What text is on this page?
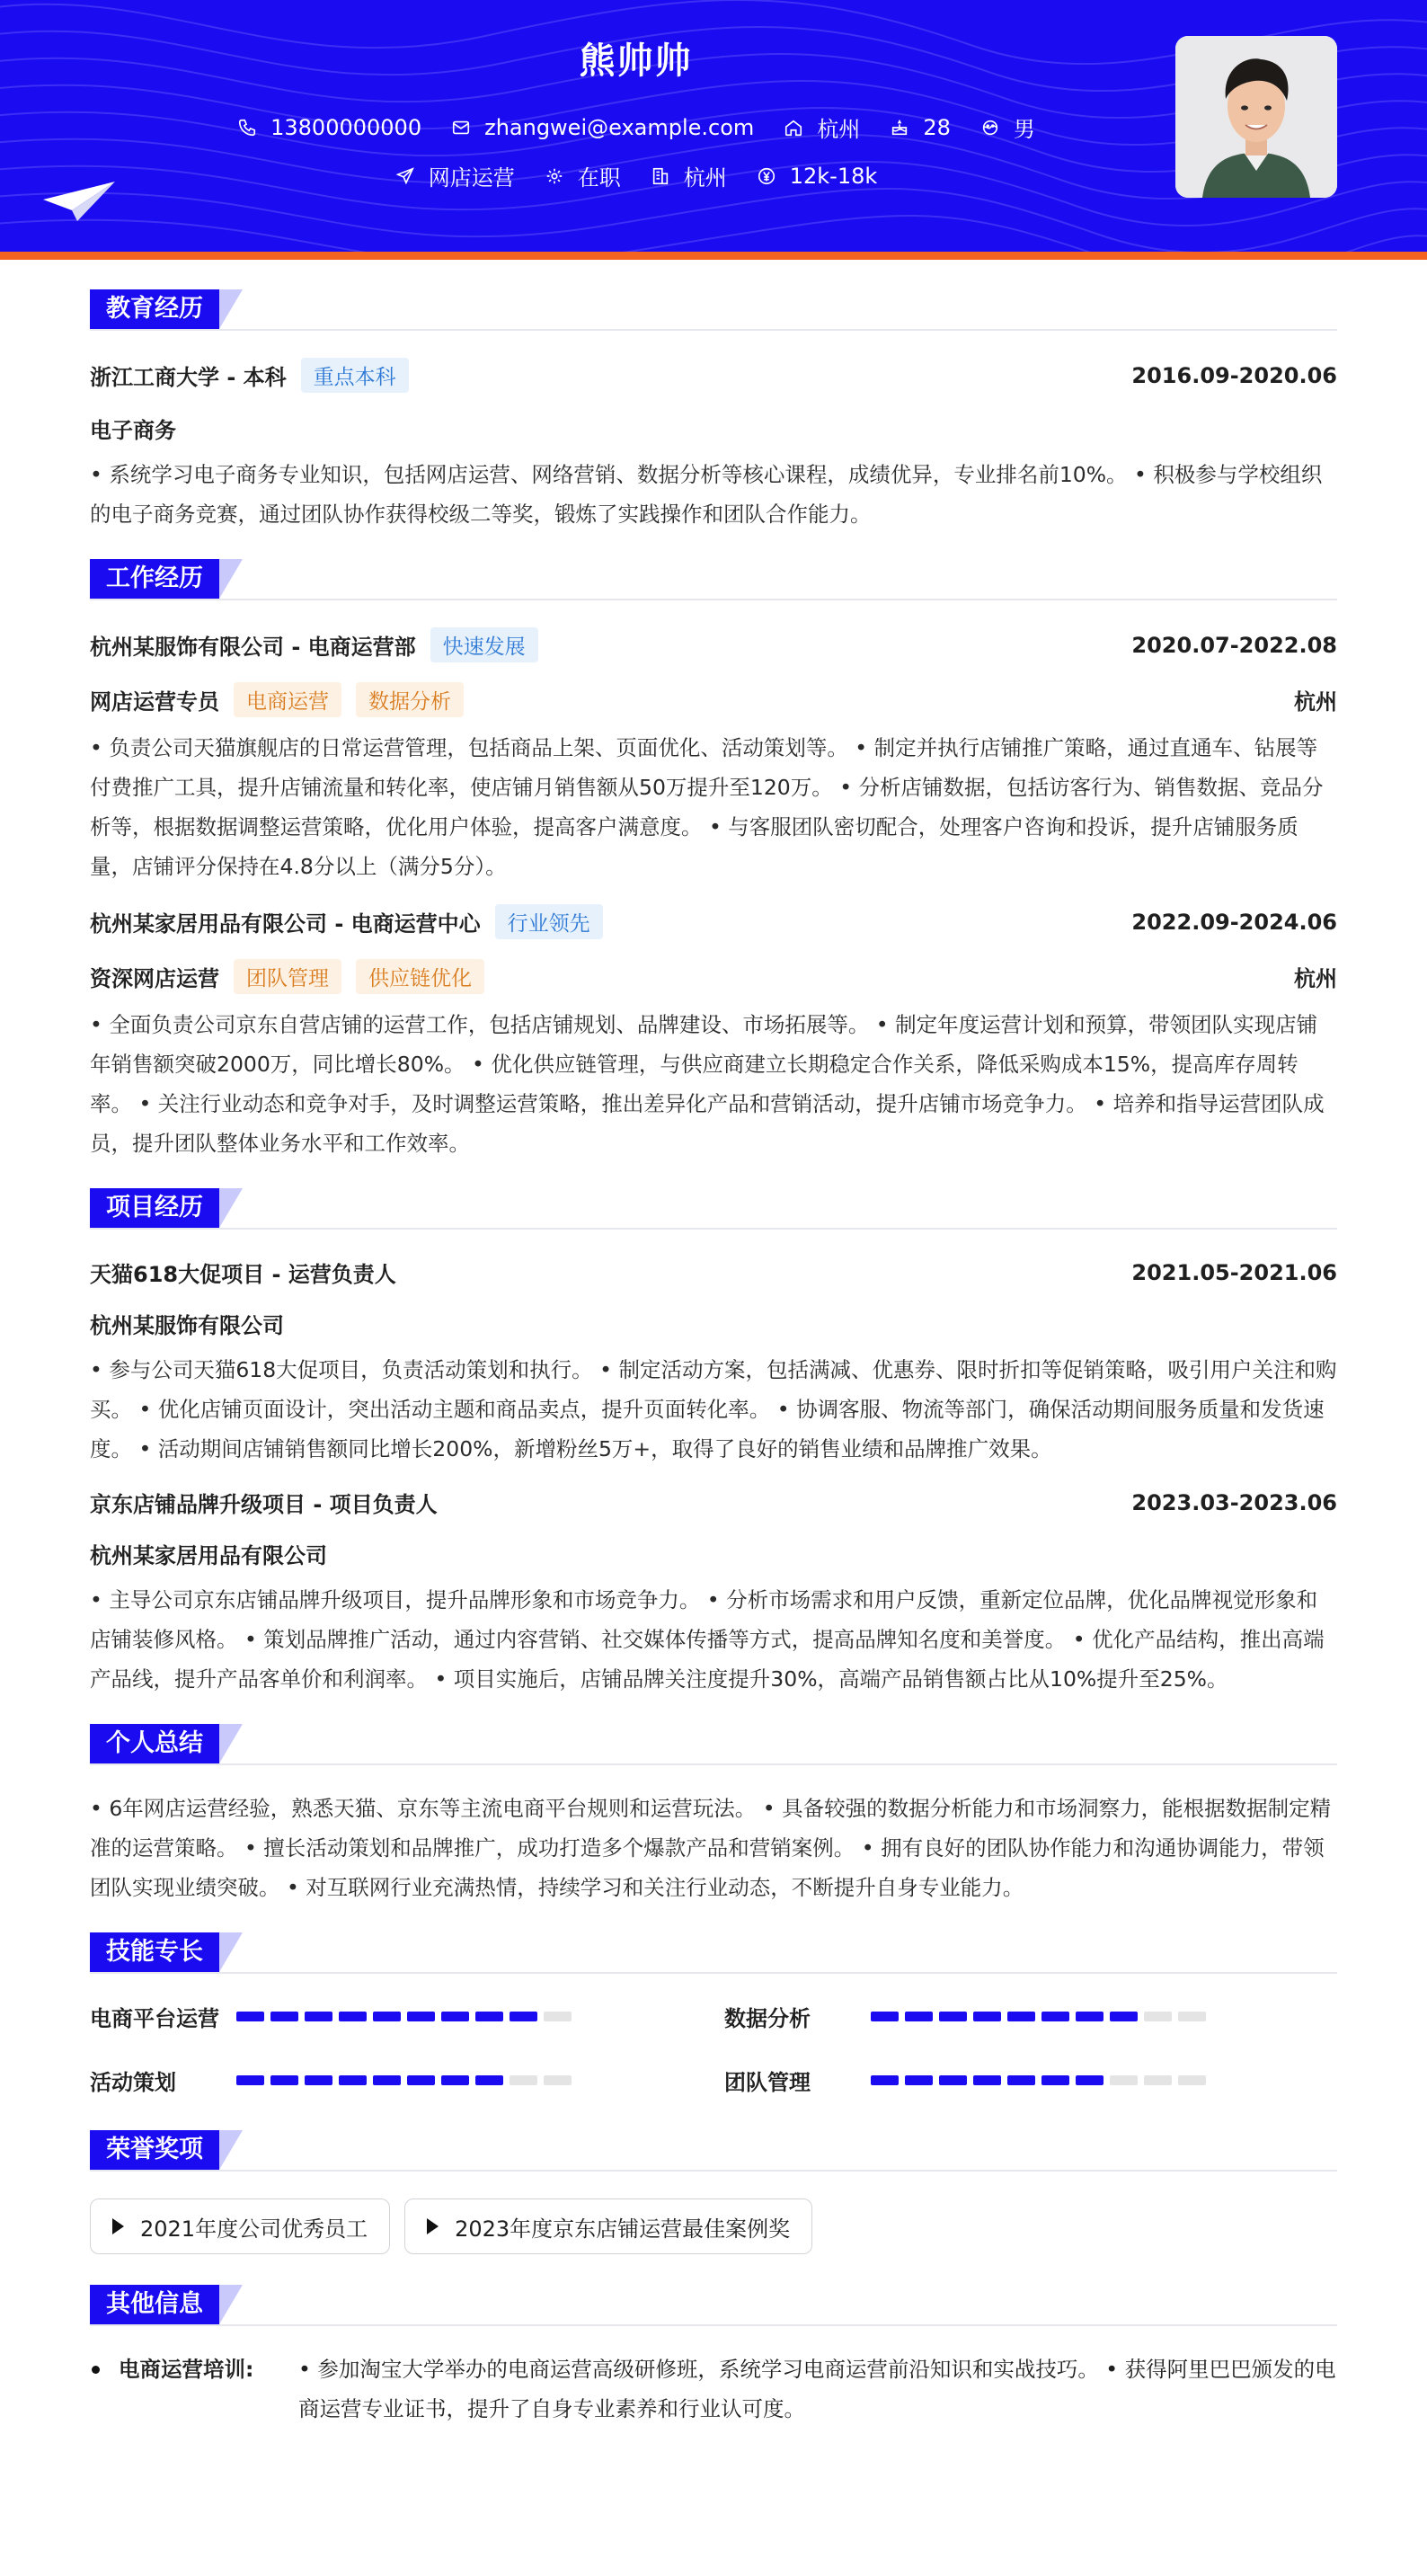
熊帅帅
13800000000	zhangwei@example.com	杭州	28	男
网店运营	在职	杭州	12k-18k
教育经历
浙江工商大学 - 本科	重点本科	2016.09-2020.06
电子商务
• 系统学习电子商务专业知识，包括网店运营、网络营销、数据分析等核心课程，成绩优异，专业排名前10%。 • 积极参与学校组织的电子商务竞赛，通过团队协作获得校级二等奖，锻炼了实践操作和团队合作能力。
工作经历
杭州某服饰有限公司 - 电商运营部	快速发展	2020.07-2022.08
网店运营专员	电商运营	数据分析	杭州
• 负责公司天猫旗舰店的日常运营管理，包括商品上架、页面优化、活动策划等。 • 制定并执行店铺推广策略，通过直通车、钻展等付费推广工具，提升店铺流量和转化率，使店铺月销售额从50万提升至120万。 • 分析店铺数据，包括访客行为、销售数据、竞品分析等，根据数据调整运营策略，优化用户体验，提高客户满意度。 • 与客服团队密切配合，处理客户咨询和投诉，提升店铺服务质量，店铺评分保持在4.8分以上（满分5分）。
杭州某家居用品有限公司 - 电商运营中心	行业领先	2022.09-2024.06
资深网店运营	团队管理	供应链优化	杭州
• 全面负责公司京东自营店铺的运营工作，包括店铺规划、品牌建设、市场拓展等。 • 制定年度运营计划和预算，带领团队实现店铺年销售额突破2000万，同比增长80%。 • 优化供应链管理，与供应商建立长期稳定合作关系，降低采购成本15%，提高库存周转率。 • 关注行业动态和竞争对手，及时调整运营策略，推出差异化产品和营销活动，提升店铺市场竞争力。 • 培养和指导运营团队成员，提升团队整体业务水平和工作效率。
项目经历
天猫618大促项目 - 运营负责人	2021.05-2021.06
杭州某服饰有限公司
• 参与公司天猫618大促项目，负责活动策划和执行。 • 制定活动方案，包括满减、优惠券、限时折扣等促销策略，吸引用户关注和购买。 • 优化店铺页面设计，突出活动主题和商品卖点，提升页面转化率。 • 协调客服、物流等部门，确保活动期间服务质量和发货速度。 • 活动期间店铺销售额同比增长200%，新增粉丝5万+，取得了良好的销售业绩和品牌推广效果。
京东店铺品牌升级项目 - 项目负责人	2023.03-2023.06
杭州某家居用品有限公司
• 主导公司京东店铺品牌升级项目，提升品牌形象和市场竞争力。 • 分析市场需求和用户反馈，重新定位品牌，优化品牌视觉形象和店铺装修风格。 • 策划品牌推广活动，通过内容营销、社交媒体传播等方式，提高品牌知名度和美誉度。 • 优化产品结构，推出高端产品线，提升产品客单价和利润率。 • 项目实施后，店铺品牌关注度提升30%，高端产品销售额占比从10%提升至25%。
个人总结
• 6年网店运营经验，熟悉天猫、京东等主流电商平台规则和运营玩法。 • 具备较强的数据分析能力和市场洞察力，能根据数据制定精准的运营策略。 • 擅长活动策划和品牌推广，成功打造多个爆款产品和营销案例。 • 拥有良好的团队协作能力和沟通协调能力，带领团队实现业绩突破。 • 对互联网行业充满热情，持续学习和关注行业动态，不断提升自身专业能力。
技能专长
电商平台运营	数据分析
活动策划	团队管理
荣誉奖项
2021年度公司优秀员工	2023年度京东店铺运营最佳案例奖
其他信息
电商运营培训:	• 参加淘宝大学举办的电商运营高级研修班，系统学习电商运营前沿知识和实战技巧。 • 获得阿里巴巴颁发的电商运营专业证书，提升了自身专业素养和行业认可度。
